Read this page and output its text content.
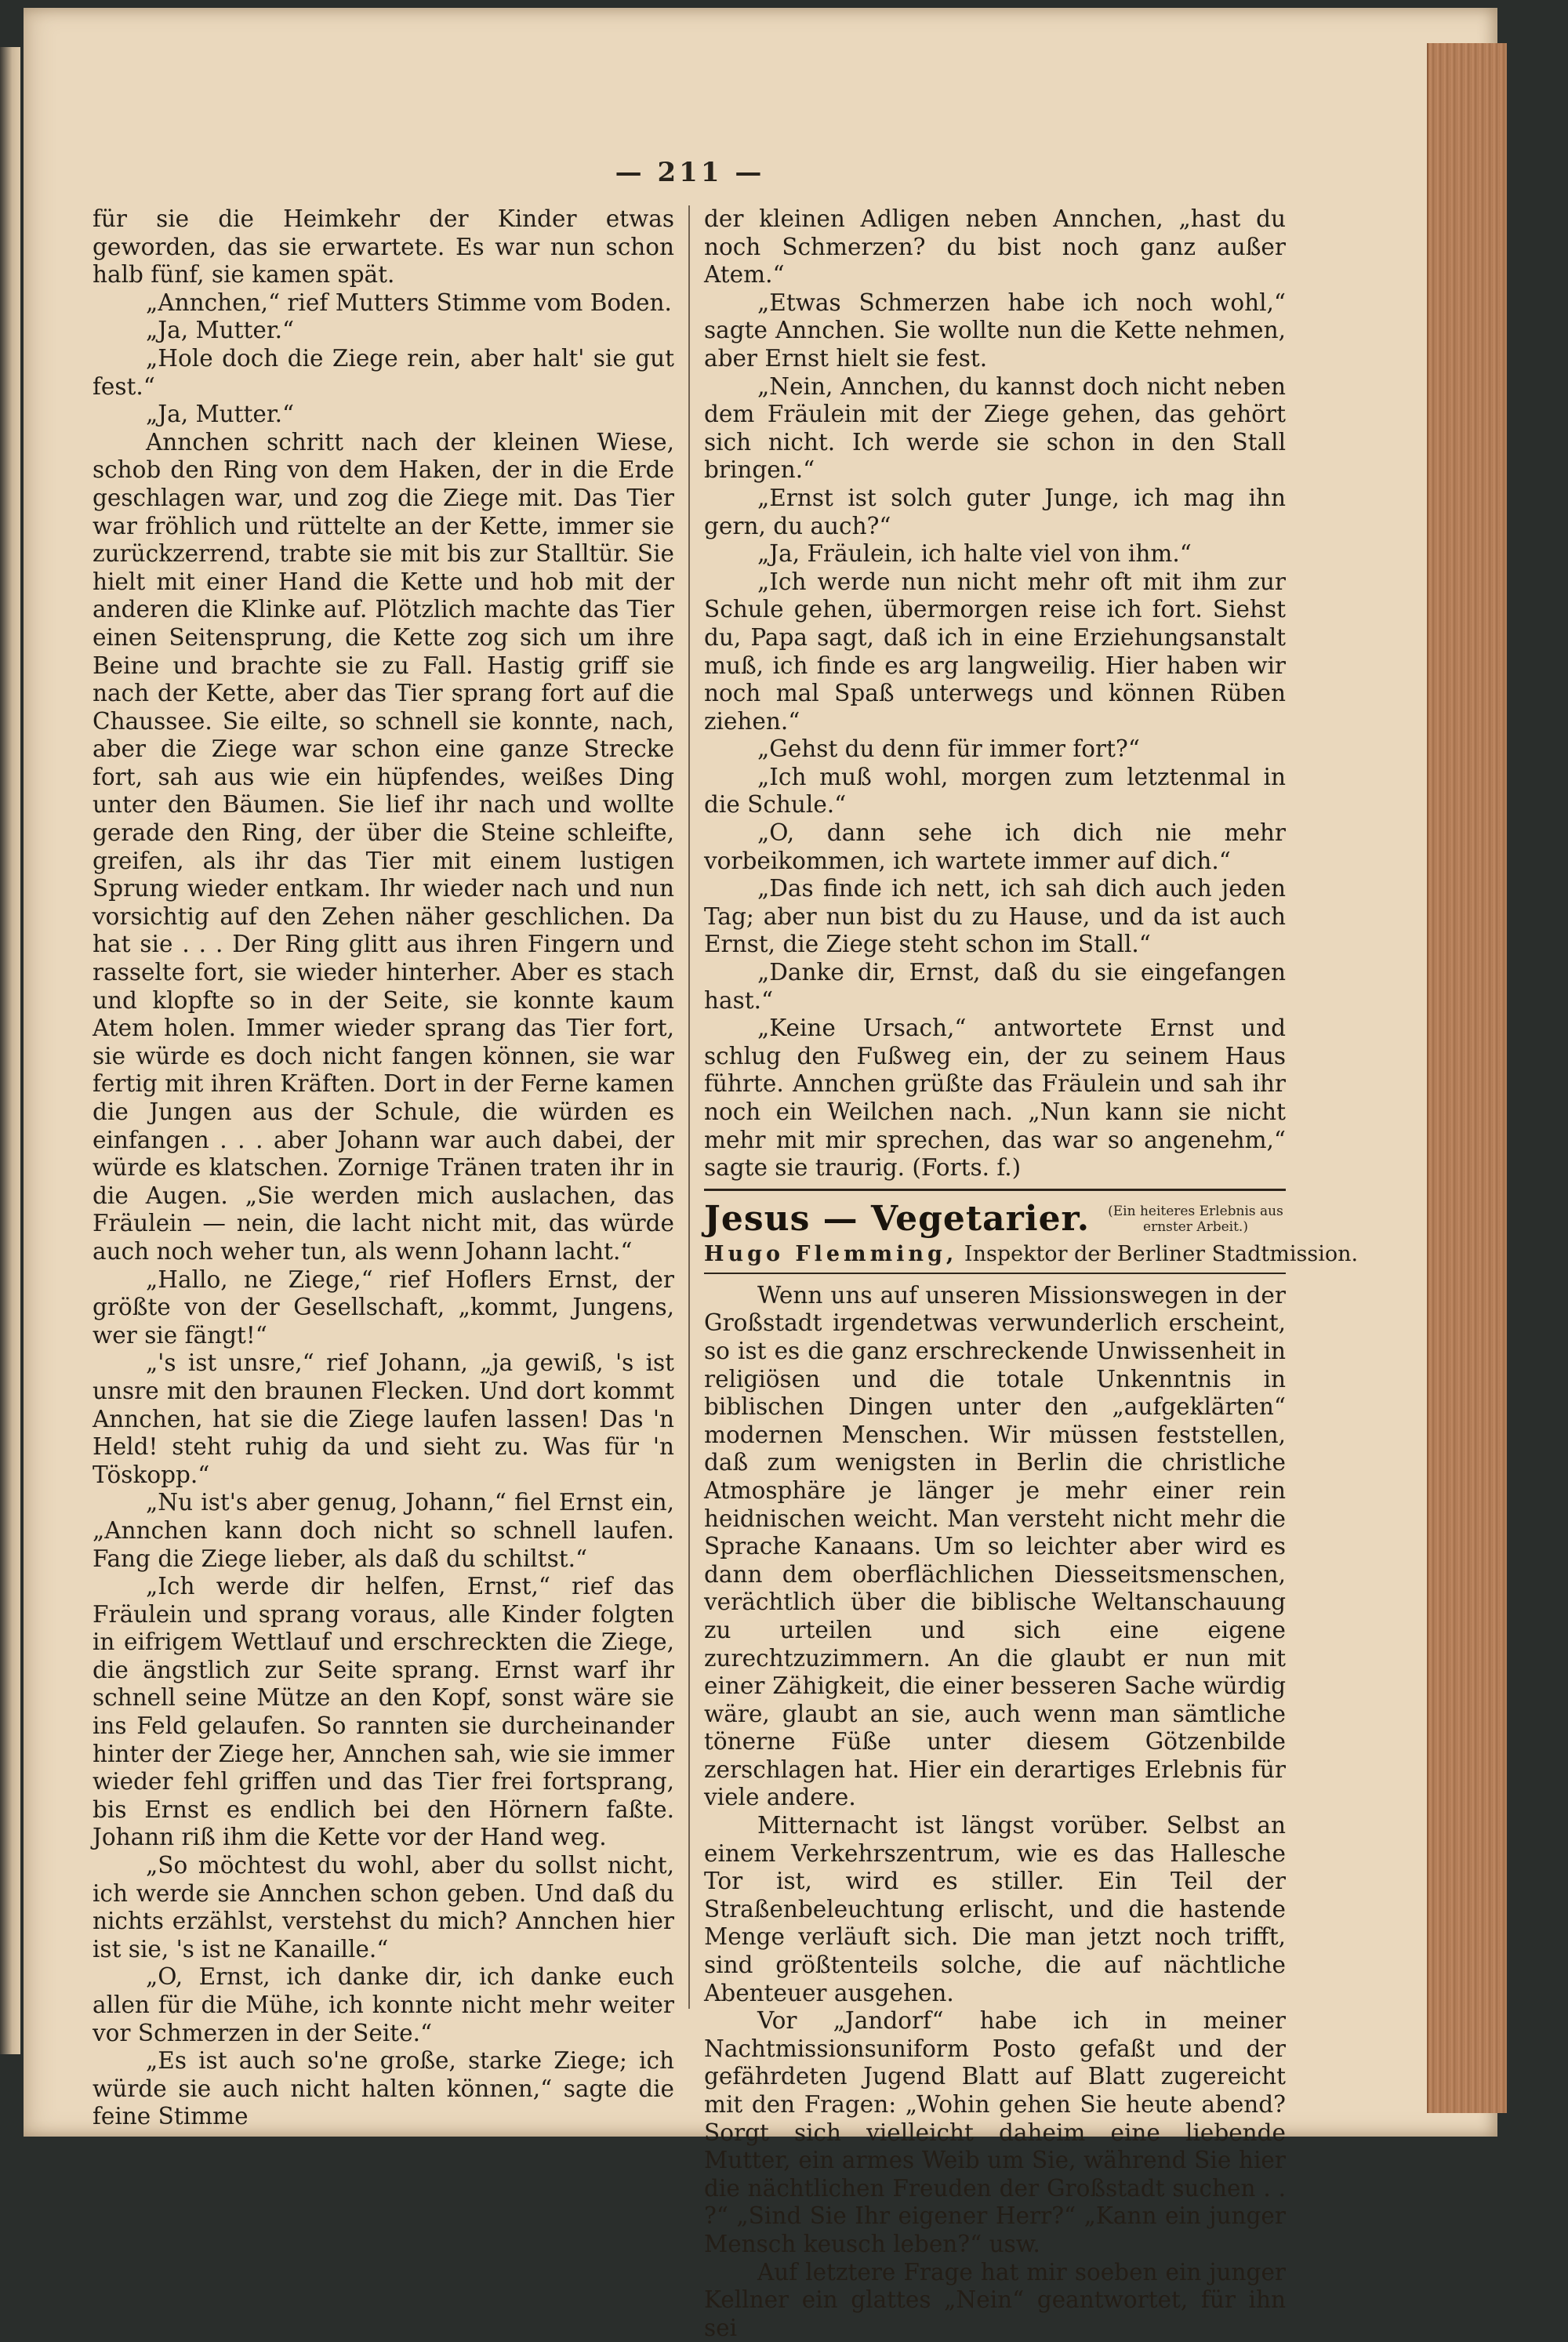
— 211 —

für sie die Heimkehr der Kinder etwas geworden, das sie erwartete. Es war nun schon halb fünf, sie kamen spät.

„Annchen,“ rief Mutters Stimme vom Boden.

„Ja, Mutter.“

„Hole doch die Ziege rein, aber halt' sie gut fest.“

„Ja, Mutter.“

Annchen schritt nach der kleinen Wiese, schob den Ring von dem Haken, der in die Erde geschlagen war, und zog die Ziege mit. Das Tier war fröhlich und rüttelte an der Kette, immer sie zurückzerrend, trabte sie mit bis zur Stalltür. Sie hielt mit einer Hand die Kette und hob mit der anderen die Klinke auf. Plötzlich machte das Tier einen Seitensprung, die Kette zog sich um ihre Beine und brachte sie zu Fall. Hastig griff sie nach der Kette, aber das Tier sprang fort auf die Chaussee. Sie eilte, so schnell sie konnte, nach, aber die Ziege war schon eine ganze Strecke fort, sah aus wie ein hüpfendes, weißes Ding unter den Bäumen. Sie lief ihr nach und wollte gerade den Ring, der über die Steine schleifte, greifen, als ihr das Tier mit einem lustigen Sprung wieder entkam. Ihr wieder nach und nun vorsichtig auf den Zehen näher geschlichen. Da hat sie . . . Der Ring glitt aus ihren Fingern und rasselte fort, sie wieder hinterher. Aber es stach und klopfte so in der Seite, sie konnte kaum Atem holen. Immer wieder sprang das Tier fort, sie würde es doch nicht fangen können, sie war fertig mit ihren Kräften. Dort in der Ferne kamen die Jungen aus der Schule, die würden es einfangen . . . aber Johann war auch dabei, der würde es klatschen. Zornige Tränen traten ihr in die Augen. „Sie werden mich auslachen, das Fräulein — nein, die lacht nicht mit, das würde auch noch weher tun, als wenn Johann lacht.“

„Hallo, ne Ziege,“ rief Hoflers Ernst, der größte von der Gesellschaft, „kommt, Jungens, wer sie fängt!“

„'s ist unsre,“ rief Johann, „ja gewiß, 's ist unsre mit den braunen Flecken. Und dort kommt Annchen, hat sie die Ziege laufen lassen! Das 'n Held! steht ruhig da und sieht zu. Was für 'n Töskopp.“

„Nu ist's aber genug, Johann,“ fiel Ernst ein, „Annchen kann doch nicht so schnell laufen. Fang die Ziege lieber, als daß du schiltst.“

„Ich werde dir helfen, Ernst,“ rief das Fräulein und sprang voraus, alle Kinder folgten in eifrigem Wettlauf und erschreckten die Ziege, die ängstlich zur Seite sprang. Ernst warf ihr schnell seine Mütze an den Kopf, sonst wäre sie ins Feld gelaufen. So rannten sie durcheinander hinter der Ziege her, Annchen sah, wie sie immer wieder fehl griffen und das Tier frei fortsprang, bis Ernst es endlich bei den Hörnern faßte. Johann riß ihm die Kette vor der Hand weg.

„So möchtest du wohl, aber du sollst nicht, ich werde sie Annchen schon geben. Und daß du nichts erzählst, verstehst du mich? Annchen hier ist sie, 's ist ne Kanaille.“

„O, Ernst, ich danke dir, ich danke euch allen für die Mühe, ich konnte nicht mehr weiter vor Schmerzen in der Seite.“

„Es ist auch so'ne große, starke Ziege; ich würde sie auch nicht halten können,“ sagte die feine Stimme

der kleinen Adligen neben Annchen, „hast du noch Schmerzen? du bist noch ganz außer Atem.“

„Etwas Schmerzen habe ich noch wohl,“ sagte Annchen. Sie wollte nun die Kette nehmen, aber Ernst hielt sie fest.

„Nein, Annchen, du kannst doch nicht neben dem Fräulein mit der Ziege gehen, das gehört sich nicht. Ich werde sie schon in den Stall bringen.“

„Ernst ist solch guter Junge, ich mag ihn gern, du auch?“

„Ja, Fräulein, ich halte viel von ihm.“

„Ich werde nun nicht mehr oft mit ihm zur Schule gehen, übermorgen reise ich fort. Siehst du, Papa sagt, daß ich in eine Erziehungsanstalt muß, ich finde es arg langweilig. Hier haben wir noch mal Spaß unterwegs und können Rüben ziehen.“

„Gehst du denn für immer fort?“

„Ich muß wohl, morgen zum letztenmal in die Schule.“

„O, dann sehe ich dich nie mehr vorbeikommen, ich wartete immer auf dich.“

„Das finde ich nett, ich sah dich auch jeden Tag; aber nun bist du zu Hause, und da ist auch Ernst, die Ziege steht schon im Stall.“

„Danke dir, Ernst, daß du sie eingefangen hast.“

„Keine Ursach,“ antwortete Ernst und schlug den Fußweg ein, der zu seinem Haus führte. Annchen grüßte das Fräulein und sah ihr noch ein Weilchen nach. „Nun kann sie nicht mehr mit mir sprechen, das war so angenehm,“ sagte sie traurig. (Forts. f.)

Jesus — Vegetarier. (Ein heiteres Erlebnis aus ernster Arbeit.)
Hugo Flemming, Inspektor der Berliner Stadtmission.

Wenn uns auf unseren Missionswegen in der Großstadt irgendetwas verwunderlich erscheint, so ist es die ganz erschreckende Unwissenheit in religiösen und die totale Unkenntnis in biblischen Dingen unter den „aufgeklärten“ modernen Menschen. Wir müssen feststellen, daß zum wenigsten in Berlin die christliche Atmosphäre je länger je mehr einer rein heidnischen weicht. Man versteht nicht mehr die Sprache Kanaans. Um so leichter aber wird es dann dem oberflächlichen Diesseitsmenschen, verächtlich über die biblische Weltanschauung zu urteilen und sich eine eigene zurechtzuzimmern. An die glaubt er nun mit einer Zähigkeit, die einer besseren Sache würdig wäre, glaubt an sie, auch wenn man sämtliche tönerne Füße unter diesem Götzenbilde zerschlagen hat. Hier ein derartiges Erlebnis für viele andere.

Mitternacht ist längst vorüber. Selbst an einem Verkehrszentrum, wie es das Hallesche Tor ist, wird es stiller. Ein Teil der Straßenbeleuchtung erlischt, und die hastende Menge verläuft sich. Die man jetzt noch trifft, sind größtenteils solche, die auf nächtliche Abenteuer ausgehen.

Vor „Jandorf“ habe ich in meiner Nachtmissionsuniform Posto gefaßt und der gefährdeten Jugend Blatt auf Blatt zugereicht mit den Fragen: „Wohin gehen Sie heute abend? Sorgt sich vielleicht daheim eine liebende Mutter, ein armes Weib um Sie, während Sie hier die nächtlichen Freuden der Großstadt suchen . . ?“ „Sind Sie Ihr eigener Herr?“ „Kann ein junger Mensch keusch leben?“ usw.

Auf letztere Frage hat mir soeben ein junger Kellner ein glattes „Nein“ geantwortet, für ihn sei
